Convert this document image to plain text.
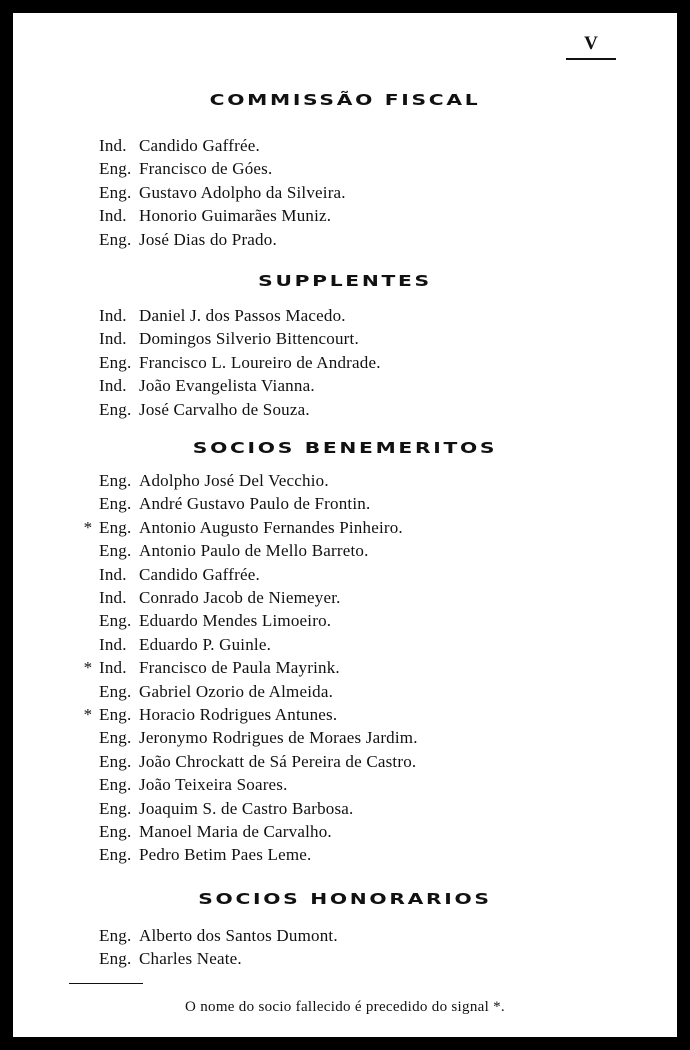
V
COMMISSÃO FISCAL
Ind. Candido Gaffrée.
Eng. Francisco de Góes.
Eng. Gustavo Adolpho da Silveira.
Ind. Honorio Guimarães Muniz.
Eng. José Dias do Prado.
SUPPLENTES
Ind. Daniel J. dos Passos Macedo.
Ind. Domingos Silverio Bittencourt.
Eng. Francisco L. Loureiro de Andrade.
Ind. João Evangelista Vianna.
Eng. José Carvalho de Souza.
SOCIOS BENEMERITOS
Eng. Adolpho José Del Vecchio.
Eng. André Gustavo Paulo de Frontin.
* Eng. Antonio Augusto Fernandes Pinheiro.
Eng. Antonio Paulo de Mello Barreto.
Ind. Candido Gaffrée.
Ind. Conrado Jacob de Niemeyer.
Eng. Eduardo Mendes Limoeiro.
Ind. Eduardo P. Guinle.
* Ind. Francisco de Paula Mayrink.
Eng. Gabriel Ozorio de Almeida.
* Eng. Horacio Rodrigues Antunes.
Eng. Jeronymo Rodrigues de Moraes Jardim.
Eng. João Chrockatt de Sá Pereira de Castro.
Eng. João Teixeira Soares.
Eng. Joaquim S. de Castro Barbosa.
Eng. Manoel Maria de Carvalho.
Eng. Pedro Betim Paes Leme.
SOCIOS HONORARIOS
Eng. Alberto dos Santos Dumont.
Eng. Charles Neate.
O nome do socio fallecido é precedido do signal *.
